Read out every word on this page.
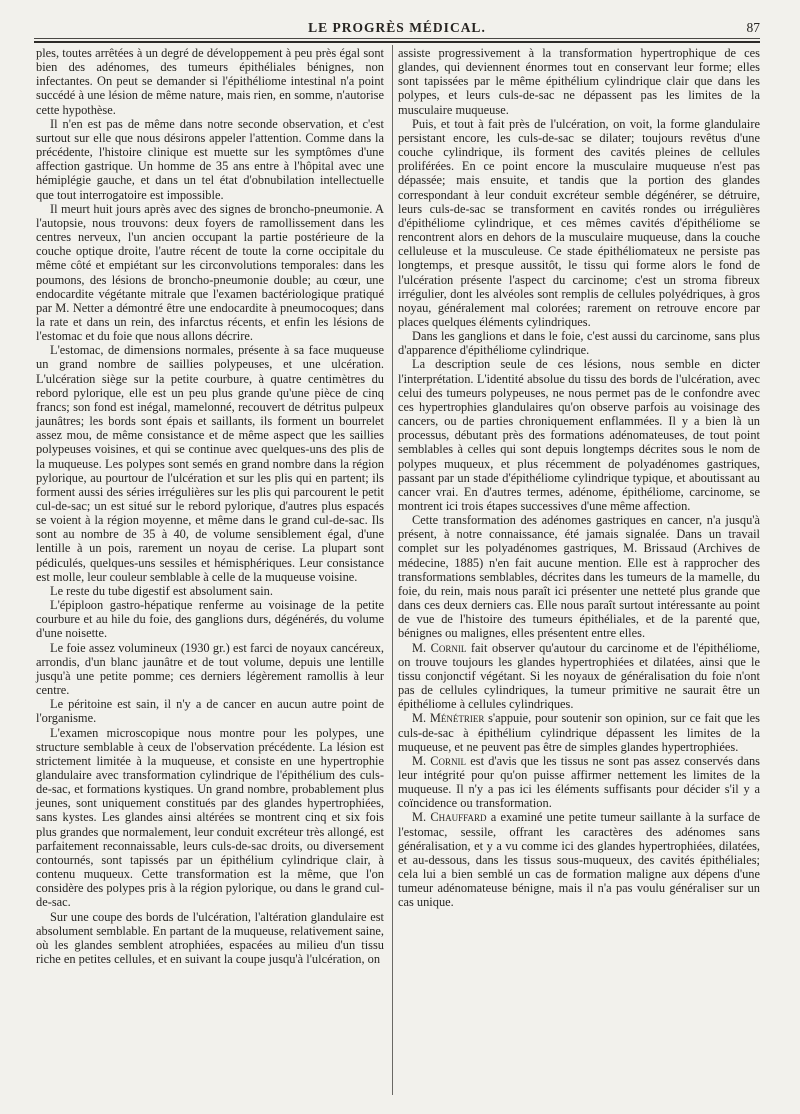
LE PROGRÈS MÉDICAL.	87

ples, toutes arrêtées à un degré de développement à peu près égal sont bien des adénomes, des tumeurs épithéliales bénignes, non infectantes. On peut se demander si l'épithéliome intestinal n'a point succédé à une lésion de même nature, mais rien, en somme, n'autorise cette hypothèse.

Il n'en est pas de même dans notre seconde observation, et c'est surtout sur elle que nous désirons appeler l'attention. Comme dans la précédente, l'histoire clinique est muette sur les symptômes d'une affection gastrique. Un homme de 35 ans entre à l'hôpital avec une hémiplégie gauche, et dans un tel état d'obnubilation intellectuelle que tout interrogatoire est impossible.

Il meurt huit jours après avec des signes de broncho-pneumonie. A l'autopsie, nous trouvons: deux foyers de ramollissement dans les centres nerveux, l'un ancien occupant la partie postérieure de la couche optique droite, l'autre récent de toute la corne occipitale du même côté et empiétant sur les circonvolutions temporales: dans les poumons, des lésions de broncho-pneumonie double; au cœur, une endocardite végétante mitrale que l'examen bactériologique pratiqué par M. Netter a démontré être une endocardite à pneumocoques; dans la rate et dans un rein, des infarctus récents, et enfin les lésions de l'estomac et du foie que nous allons décrire.

L'estomac, de dimensions normales, présente à sa face muqueuse un grand nombre de saillies polypeuses, et une ulcération. L'ulcération siège sur la petite courbure, à quatre centimètres du rebord pylorique, elle est un peu plus grande qu'une pièce de cinq francs; son fond est inégal, mamelonné, recouvert de détritus pulpeux jaunâtres; les bords sont épais et saillants, ils forment un bourrelet assez mou, de même consistance et de même aspect que les saillies polypeuses voisines, et qui se continue avec quelques-uns des plis de la muqueuse. Les polypes sont semés en grand nombre dans la région pylorique, au pourtour de l'ulcération et sur les plis qui en partent; ils forment aussi des séries irrégulières sur les plis qui parcourent le petit cul-de-sac; un est situé sur le rebord pylorique, d'autres plus espacés se voient à la région moyenne, et même dans le grand cul-de-sac. Ils sont au nombre de 35 à 40, de volume sensiblement égal, d'une lentille à un pois, rarement un noyau de cerise. La plupart sont pédiculés, quelques-uns sessiles et hémisphériques. Leur consistance est molle, leur couleur semblable à celle de la muqueuse voisine.

Le reste du tube digestif est absolument sain.

L'épiploon gastro-hépatique renferme au voisinage de la petite courbure et au hile du foie, des ganglions durs, dégénérés, du volume d'une noisette.

Le foie assez volumineux (1930 gr.) est farci de noyaux cancéreux, arrondis, d'un blanc jaunâtre et de tout volume, depuis une lentille jusqu'à une petite pomme; ces derniers légèrement ramollis à leur centre.

Le péritoine est sain, il n'y a de cancer en aucun autre point de l'organisme.

L'examen microscopique nous montre pour les polypes, une structure semblable à ceux de l'observation précédente. La lésion est strictement limitée à la muqueuse, et consiste en une hypertrophie glandulaire avec transformation cylindrique de l'épithélium des culs-de-sac, et formations kystiques. Un grand nombre, probablement plus jeunes, sont uniquement constitués par des glandes hypertrophiées, sans kystes. Les glandes ainsi altérées se montrent cinq et six fois plus grandes que normalement, leur conduit excréteur très allongé, est parfaitement reconnaissable, leurs culs-de-sac droits, ou diversement contournés, sont tapissés par un épithélium cylindrique clair, à contenu muqueux. Cette transformation est la même, que l'on considère des polypes pris à la région pylorique, ou dans le grand cul-de-sac.

Sur une coupe des bords de l'ulcération, l'altération glandulaire est absolument semblable. En partant de la muqueuse, relativement saine, où les glandes semblent atrophiées, espacées au milieu d'un tissu riche en petites cellules, et en suivant la coupe jusqu'à l'ulcération, on

assiste progressivement à la transformation hypertrophique de ces glandes, qui deviennent énormes tout en conservant leur forme; elles sont tapissées par le même épithélium cylindrique clair que dans les polypes, et leurs culs-de-sac ne dépassent pas les limites de la musculaire muqueuse.

Puis, et tout à fait près de l'ulcération, on voit, la forme glandulaire persistant encore, les culs-de-sac se dilater; toujours revêtus d'une couche cylindrique, ils forment des cavités pleines de cellules proliférées. En ce point encore la musculaire muqueuse n'est pas dépassée; mais ensuite, et tandis que la portion des glandes correspondant à leur conduit excréteur semble dégénérer, se détruire, leurs culs-de-sac se transforment en cavités rondes ou irrégulières d'épithéliome cylindrique, et ces mêmes cavités d'épithéliome se rencontrent alors en dehors de la musculaire muqueuse, dans la couche celluleuse et la musculeuse. Ce stade épithéliomateux ne persiste pas longtemps, et presque aussitôt, le tissu qui forme alors le fond de l'ulcération présente l'aspect du carcinome; c'est un stroma fibreux irrégulier, dont les alvéoles sont remplis de cellules polyédriques, à gros noyau, généralement mal colorées; rarement on retrouve encore par places quelques éléments cylindriques.

Dans les ganglions et dans le foie, c'est aussi du carcinome, sans plus d'apparence d'épithéliome cylindrique.

La description seule de ces lésions, nous semble en dicter l'interprétation. L'identité absolue du tissu des bords de l'ulcération, avec celui des tumeurs polypeuses, ne nous permet pas de le confondre avec ces hypertrophies glandulaires qu'on observe parfois au voisinage des cancers, ou de parties chroniquement enflammées. Il y a bien là un processus, débutant près des formations adénomateuses, de tout point semblables à celles qui sont depuis longtemps décrites sous le nom de polypes muqueux, et plus récemment de polyadénomes gastriques, passant par un stade d'épithéliome cylindrique typique, et aboutissant au cancer vrai. En d'autres termes, adénome, épithéliome, carcinome, se montrent ici trois étapes successives d'une même affection.

Cette transformation des adénomes gastriques en cancer, n'a jusqu'à présent, à notre connaissance, été jamais signalée. Dans un travail complet sur les polyadénomes gastriques, M. Brissaud (Archives de médecine, 1885) n'en fait aucune mention. Elle est à rapprocher des transformations semblables, décrites dans les tumeurs de la mamelle, du foie, du rein, mais nous paraît ici présenter une netteté plus grande que dans ces deux derniers cas. Elle nous paraît surtout intéressante au point de vue de l'histoire des tumeurs épithéliales, et de la parenté que, bénignes ou malignes, elles présentent entre elles.

M. Cornil fait observer qu'autour du carcinome et de l'épithéliome, on trouve toujours les glandes hypertrophiées et dilatées, ainsi que le tissu conjonctif végétant. Si les noyaux de généralisation du foie n'ont pas de cellules cylindriques, la tumeur primitive ne saurait être un épithéliome à cellules cylindriques.

M. Ménétrier s'appuie, pour soutenir son opinion, sur ce fait que les culs-de-sac à épithélium cylindrique dépassent les limites de la muqueuse, et ne peuvent pas être de simples glandes hypertrophiées.

M. Cornil est d'avis que les tissus ne sont pas assez conservés dans leur intégrité pour qu'on puisse affirmer nettement les limites de la muqueuse. Il n'y a pas ici les éléments suffisants pour décider s'il y a coïncidence ou transformation.

M. Chauffard a examiné une petite tumeur saillante à la surface de l'estomac, sessile, offrant les caractères des adénomes sans généralisation, et y a vu comme ici des glandes hypertrophiées, dilatées, et au-dessous, dans les tissus sous-muqueux, des cavités épithéliales; cela lui a bien semblé un cas de formation maligne aux dépens d'une tumeur adénomateuse bénigne, mais il n'a pas voulu généraliser sur un cas unique.
